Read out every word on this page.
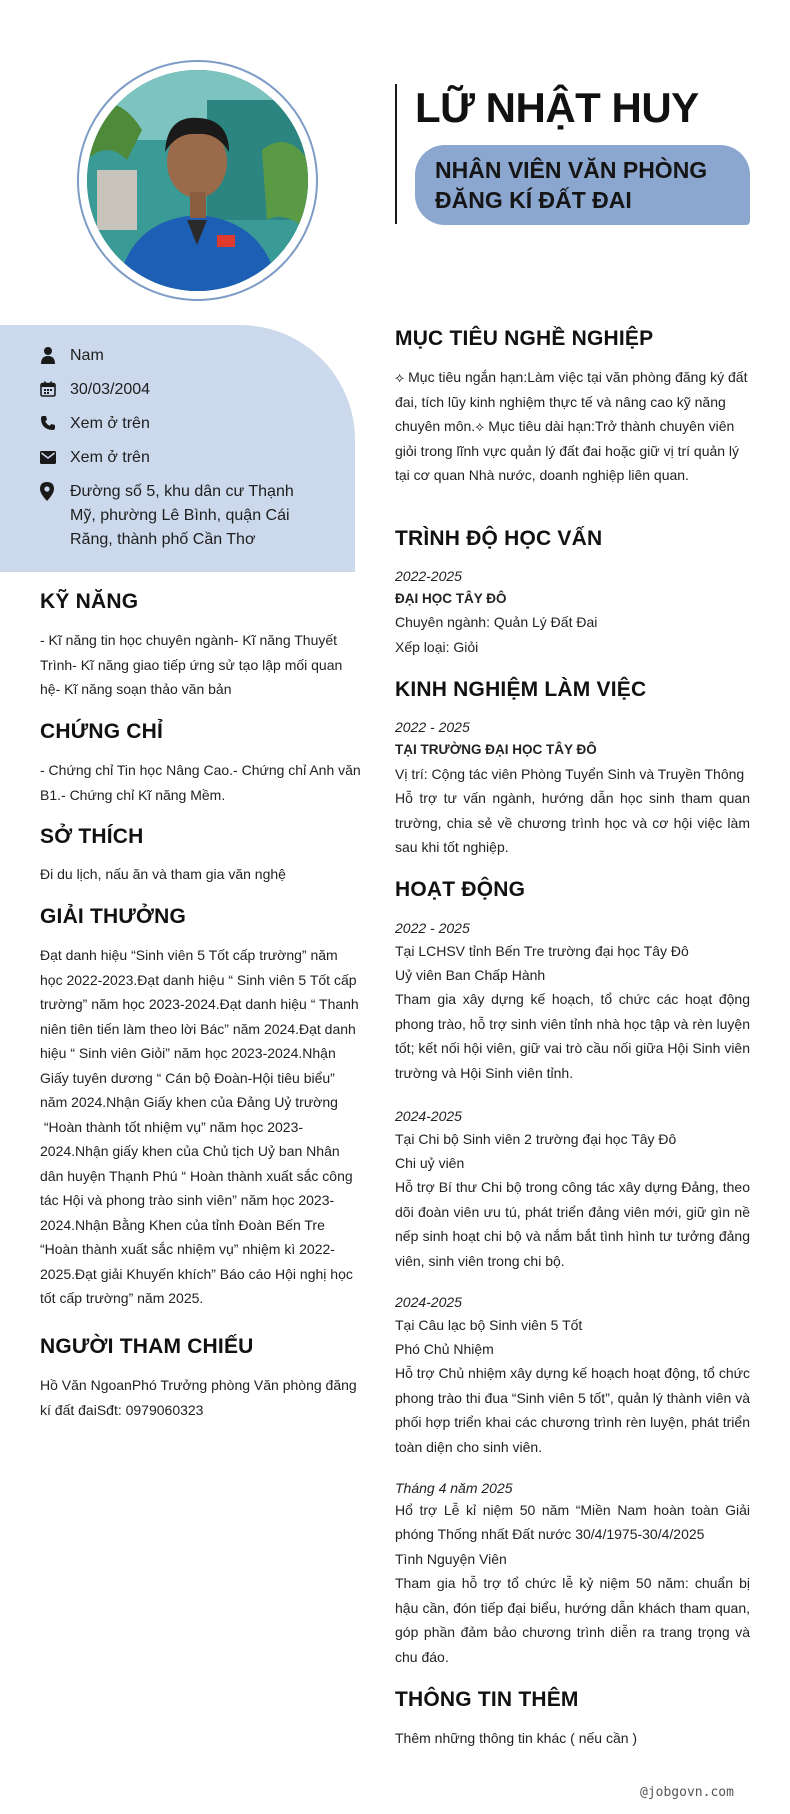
LỮ NHẬT HUY
NHÂN VIÊN VĂN PHÒNG
ĐĂNG KÍ ĐẤT ĐAI
Nam
30/03/2004
Xem ở trên
Xem ở trên
Đường số 5, khu dân cư Thạnh
Mỹ, phường Lê Bình, quận Cái
Răng, thành phố Cần Thơ
KỸ NĂNG
- Kĩ năng tin học chuyên ngành- Kĩ năng Thuyết
Trình- Kĩ năng giao tiếp ứng sử tạo lập mối quan
hệ- Kĩ năng soạn thảo văn bản
CHỨNG CHỈ
- Chứng chỉ Tin học Nâng Cao.- Chứng chỉ Anh văn
B1.- Chứng chỉ Kĩ năng Mềm.
SỞ THÍCH
Đi du lịch, nấu ăn và tham gia văn nghệ
GIẢI THƯỞNG
Đạt danh hiệu “Sinh viên 5 Tốt cấp trường” năm
học 2022-2023.Đạt danh hiệu “ Sinh viên 5 Tốt cấp
trường” năm học 2023-2024.Đạt danh hiệu “ Thanh
niên tiên tiến làm theo lời Bác” năm 2024.Đạt danh
hiệu “ Sinh viên Giỏi” năm học 2023-2024.Nhận
Giấy tuyên dương “ Cán bộ Đoàn-Hội tiêu biểu”
năm 2024.Nhận Giấy khen của Đảng Uỷ trường
“Hoàn thành tốt nhiệm vụ” năm học 2023-
2024.Nhận giấy khen của Chủ tịch Uỷ ban Nhân
dân huyện Thạnh Phú “ Hoàn thành xuất sắc công
tác Hội và phong trào sinh viên” năm học 2023-
2024.Nhận Bằng Khen của tỉnh Đoàn Bến Tre
“Hoàn thành xuất sắc nhiệm vụ” nhiệm kì 2022-
2025.Đạt giải Khuyến khích” Báo cáo Hội nghị học
tốt cấp trường” năm 2025.
NGƯỜI THAM CHIẾU
Hồ Văn NgoanPhó Trưởng phòng Văn phòng đăng
kí đất đaiSđt: 0979060323
MỤC TIÊU NGHỀ NGHIỆP
⟡ Mục tiêu ngắn hạn:Làm việc tại văn phòng đăng ký đất
đai, tích lũy kinh nghiệm thực tế và nâng cao kỹ năng
chuyên môn.⟡ Mục tiêu dài hạn:Trở thành chuyên viên
giỏi trong lĩnh vực quản lý đất đai hoặc giữ vị trí quản lý
tại cơ quan Nhà nước, doanh nghiệp liên quan.
TRÌNH ĐỘ HỌC VẤN
2022-2025
ĐẠI HỌC TÂY ĐÔ
Chuyên ngành: Quản Lý Đất Đai
Xếp loại: Giỏi
KINH NGHIỆM LÀM VIỆC
2022 - 2025
TẠI TRƯỜNG ĐẠI HỌC TÂY ĐÔ
Vị trí: Cộng tác viên Phòng Tuyển Sinh và Truyền Thông
Hỗ trợ tư vấn ngành, hướng dẫn học sinh tham quan trường, chia sẻ về chương trình học và cơ hội việc làm sau khi tốt nghiệp.
HOẠT ĐỘNG
2022 - 2025
Tại LCHSV tỉnh Bến Tre trường đại học Tây Đô
Uỷ viên Ban Chấp Hành
Tham gia xây dựng kế hoạch, tổ chức các hoạt động phong trào, hỗ trợ sinh viên tỉnh nhà học tập và rèn luyện tốt; kết nối hội viên, giữ vai trò cầu nối giữa Hội Sinh viên trường và Hội Sinh viên tỉnh.
2024-2025
Tại Chi bộ Sinh viên 2 trường đại học Tây Đô
Chi uỷ viên
Hỗ trợ Bí thư Chi bộ trong công tác xây dựng Đảng, theo dõi đoàn viên ưu tú, phát triển đảng viên mới, giữ gìn nề nếp sinh hoạt chi bộ và nắm bắt tình hình tư tưởng đảng viên, sinh viên trong chi bộ.
2024-2025
Tại Câu lạc bộ Sinh viên 5 Tốt
Phó Chủ Nhiệm
Hỗ trợ Chủ nhiệm xây dựng kế hoạch hoạt động, tổ chức phong trào thi đua “Sinh viên 5 tốt”, quản lý thành viên và phối hợp triển khai các chương trình rèn luyện, phát triển toàn diện cho sinh viên.
Tháng 4 năm 2025
Hổ trợ Lễ kỉ niệm 50 năm “Miền Nam hoàn toàn Giải phóng Thống nhất Đất nước 30/4/1975-30/4/2025
Tình Nguyện Viên
Tham gia hỗ trợ tổ chức lễ kỷ niệm 50 năm: chuẩn bị hậu cần, đón tiếp đại biểu, hướng dẫn khách tham quan, góp phần đảm bảo chương trình diễn ra trang trọng và chu đáo.
THÔNG TIN THÊM
Thêm những thông tin khác ( nếu cần )
@jobgovn.com
